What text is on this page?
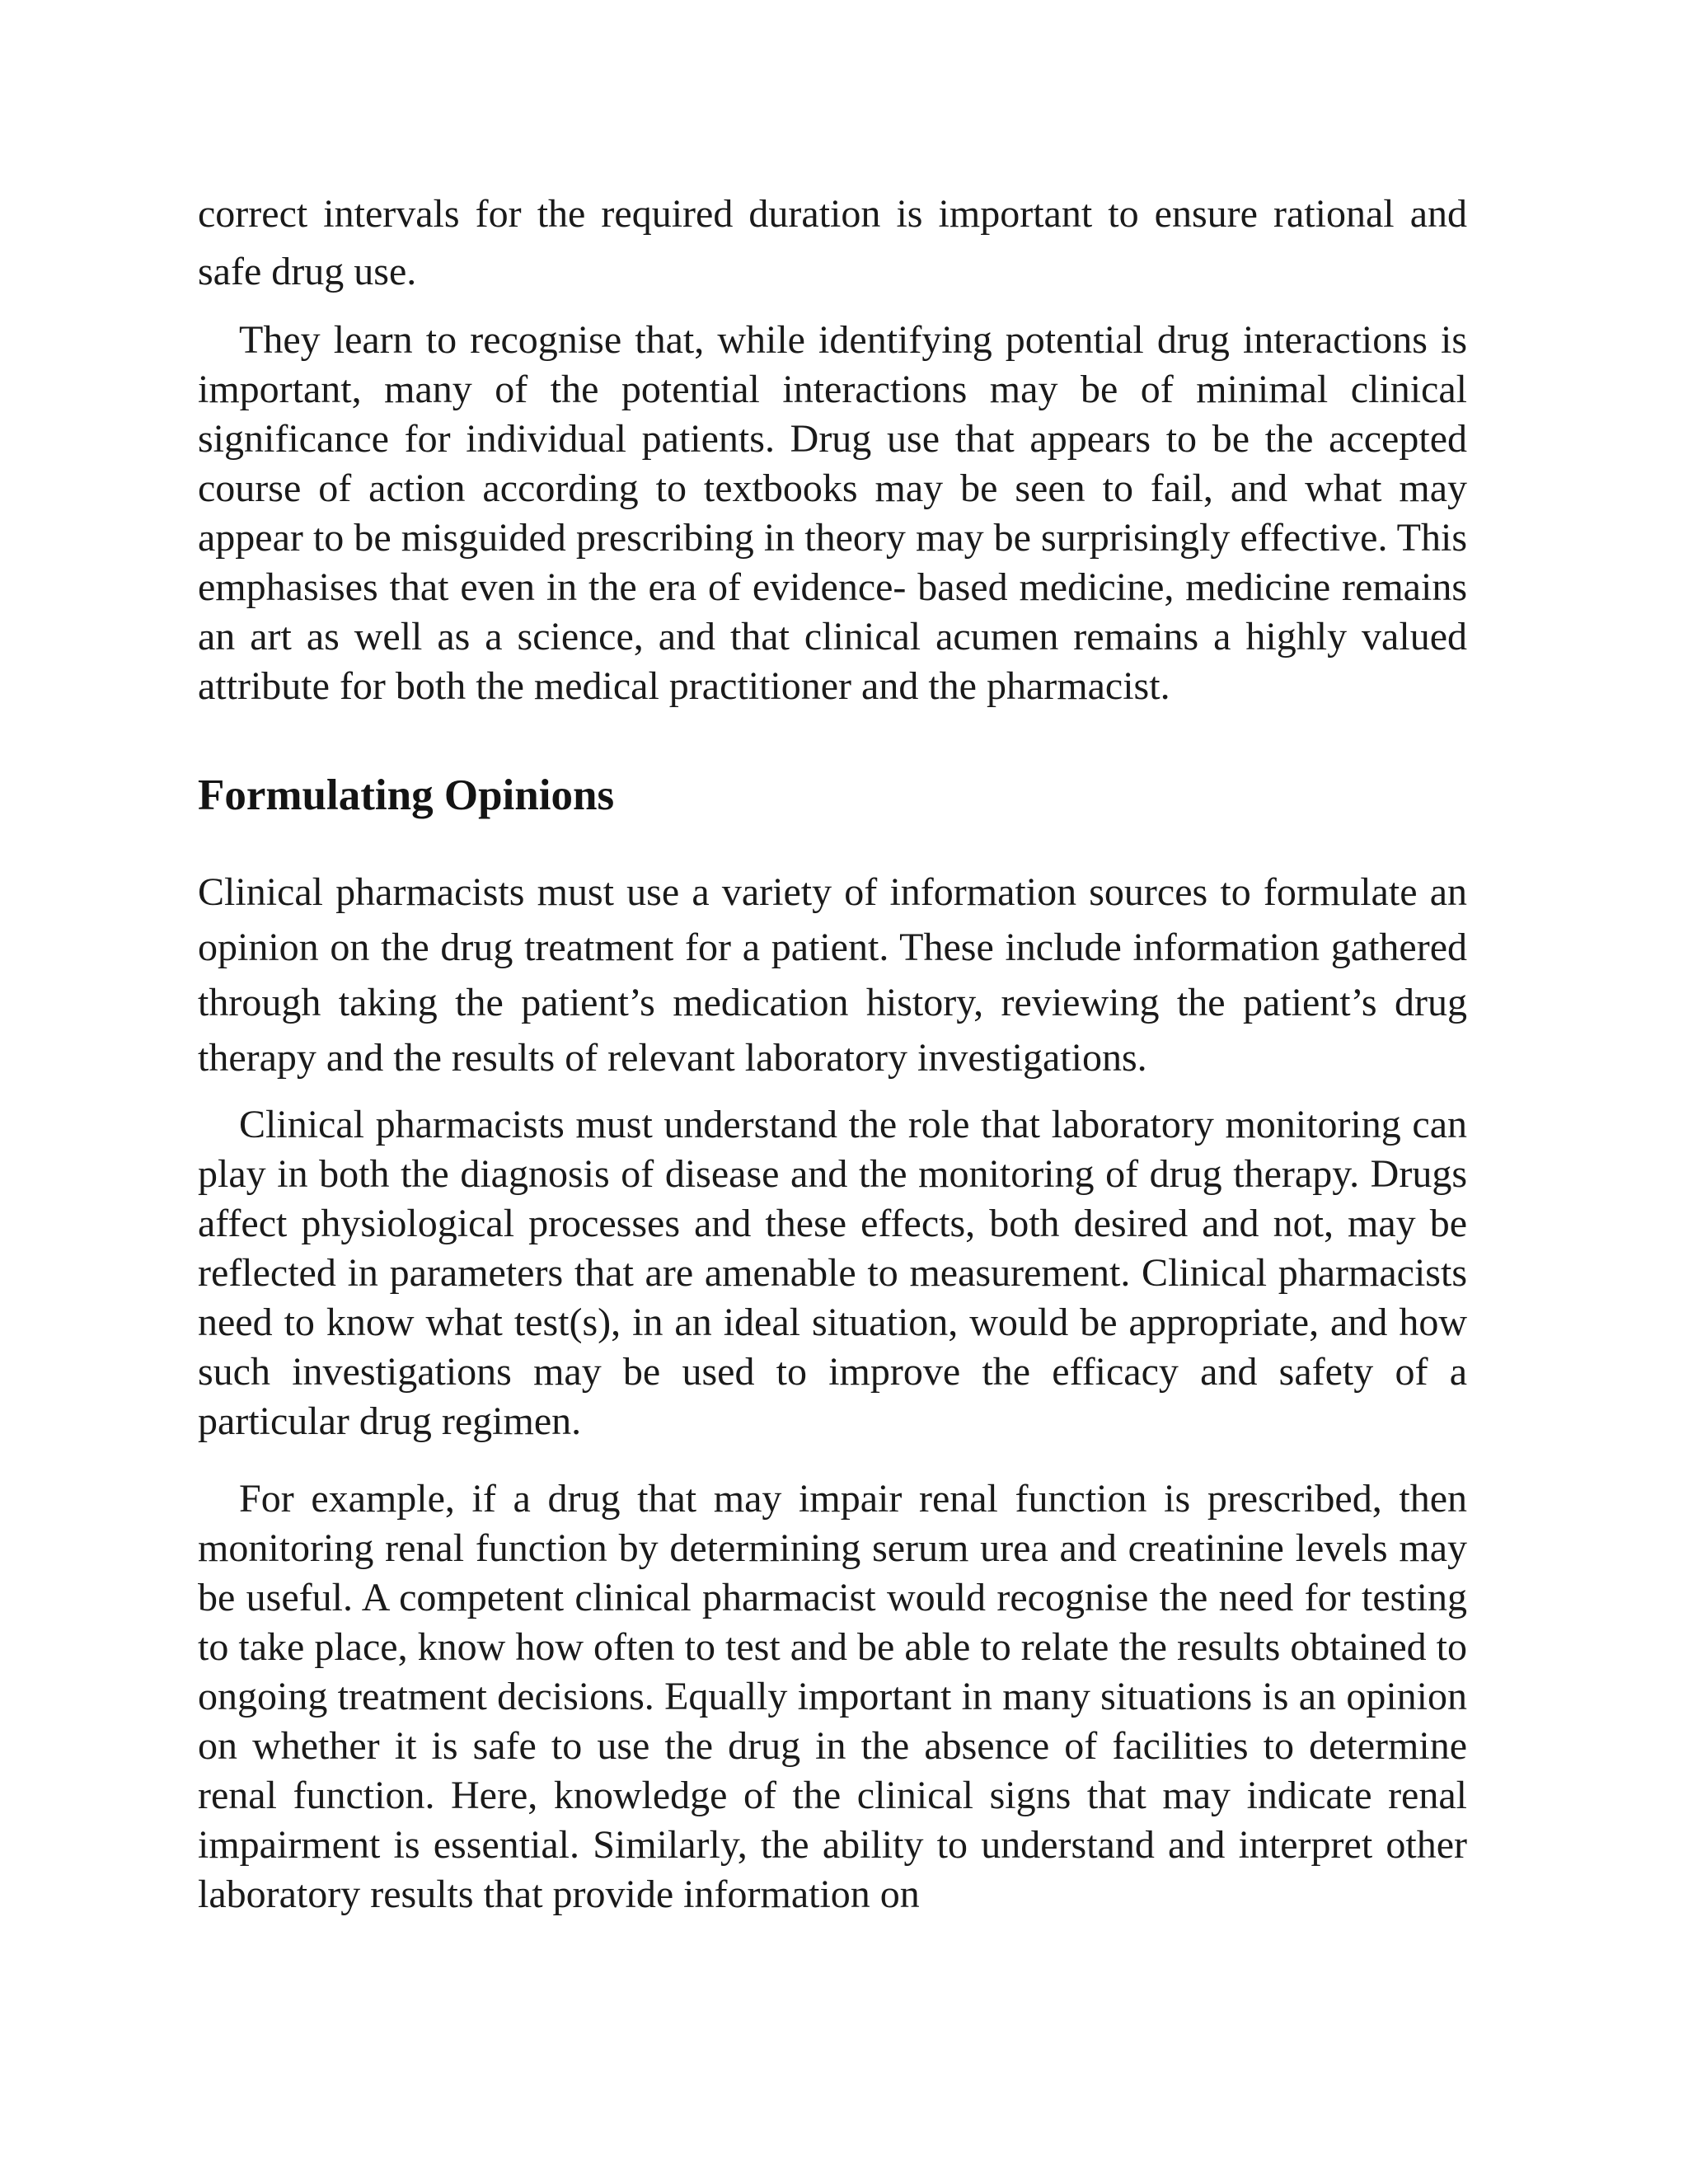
correct intervals for the required duration is important to ensure rational and safe drug use.

They learn to recognise that, while identifying potential drug interactions is important, many of the potential interactions may be of minimal clinical significance for individual patients. Drug use that appears to be the accepted course of action according to textbooks may be seen to fail, and what may appear to be misguided prescribing in theory may be surprisingly effective. This emphasises that even in the era of evidence- based medicine, medicine remains an art as well as a science, and that clinical acumen remains a highly valued attribute for both the medical practitioner and the pharmacist.

Formulating Opinions

Clinical pharmacists must use a variety of information sources to formulate an opinion on the drug treatment for a patient. These include information gathered through taking the patient’s medication history, reviewing the patient’s drug therapy and the results of relevant laboratory investigations.

Clinical pharmacists must understand the role that laboratory monitoring can play in both the diagnosis of disease and the monitoring of drug therapy. Drugs affect physiological processes and these effects, both desired and not, may be reflected in parameters that are amenable to measurement. Clinical pharmacists need to know what test(s), in an ideal situation, would be appropriate, and how such investigations may be used to improve the efficacy and safety of a particular drug regimen.

For example, if a drug that may impair renal function is prescribed, then monitoring renal function by determining serum urea and creatinine levels may be useful. A competent clinical pharmacist would recognise the need for testing to take place, know how often to test and be able to relate the results obtained to ongoing treatment decisions. Equally important in many situations is an opinion on whether it is safe to use the drug in the absence of facilities to determine renal function. Here, knowledge of the clinical signs that may indicate renal impairment is essential. Similarly, the ability to understand and interpret other laboratory results that provide information on
